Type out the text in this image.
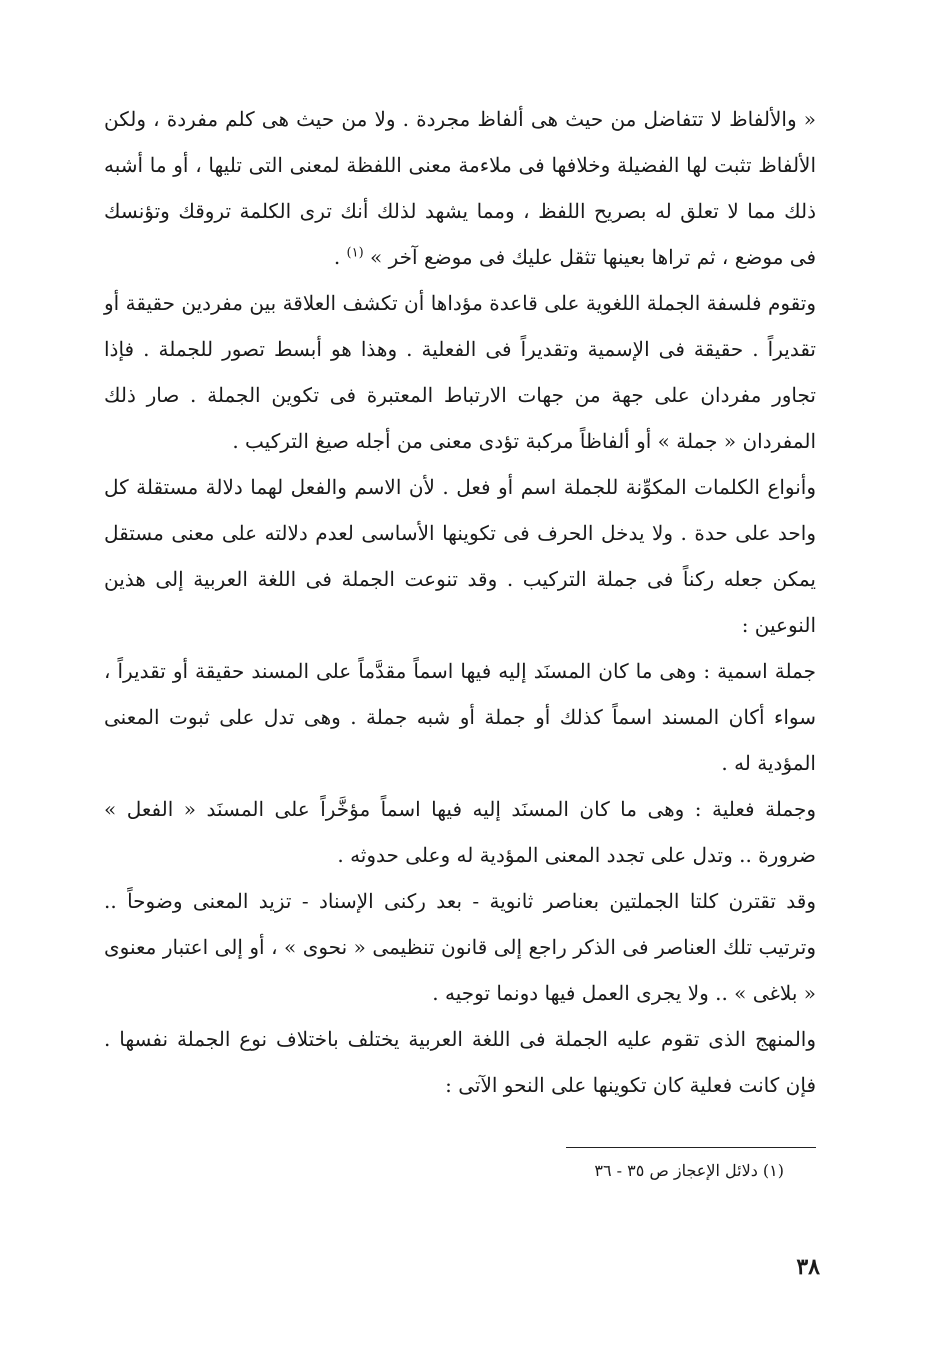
« والألفاظ لا تتفاضل من حيث هى ألفاظ مجردة . ولا من حيث هى كلم مفردة ، ولكن الألفاظ تثبت لها الفضيلة وخلافها فى ملاءمة معنى اللفظة لمعنى التى تليها ، أو ما أشبه ذلك مما لا تعلق له بصريح اللفظ ، ومما يشهد لذلك أنك ترى الكلمة تروقك وتؤنسك فى موضع ، ثم تراها بعينها تثقل عليك فى موضع آخر » $^{(١)}$ .

وتقوم فلسفة الجملة اللغوية على قاعدة مؤداها أن تكشف العلاقة بين مفردين حقيقة أو تقديراً . حقيقة فى الإسمية وتقديراً فى الفعلية . وهذا هو أبسط تصور للجملة . فإذا تجاور مفردان على جهة من جهات الارتباط المعتبرة فى تكوين الجملة . صار ذلك المفردان « جملة » أو ألفاظاً مركبة تؤدى معنى من أجله صيغ التركيب .

وأنواع الكلمات المكوِّنة للجملة اسم أو فعل . لأن الاسم والفعل لهما دلالة مستقلة كل واحد على حدة . ولا يدخل الحرف فى تكوينها الأساسى لعدم دلالته على معنى مستقل يمكن جعله ركناً فى جملة التركيب . وقد تنوعت الجملة فى اللغة العربية إلى هذين النوعين :

جملة اسمية : وهى ما كان المسنَد إليه فيها اسماً مقدَّماً على المسند حقيقة أو تقديراً ، سواء أكان المسند اسماً كذلك أو جملة أو شبه جملة . وهى تدل على ثبوت المعنى المؤدية له .

وجملة فعلية : وهى ما كان المسنَد إليه فيها اسماً مؤخَّراً على المسنَد « الفعل » ضرورة .. وتدل على تجدد المعنى المؤدية له وعلى حدوثه .

وقد تقترن كلتا الجملتين بعناصر ثانوية - بعد ركنى الإسناد - تزيد المعنى وضوحاً .. وترتيب تلك العناصر فى الذكر راجع إلى قانون تنظيمى « نحوى » ، أو إلى اعتبار معنوى « بلاغى » .. ولا يجرى العمل فيها دونما توجيه .

والمنهج الذى تقوم عليه الجملة فى اللغة العربية يختلف باختلاف نوع الجملة نفسها . فإن كانت فعلية كان تكوينها على النحو الآتى :

(١) دلائل الإعجاز ص ٣٥ - ٣٦
٣٨
